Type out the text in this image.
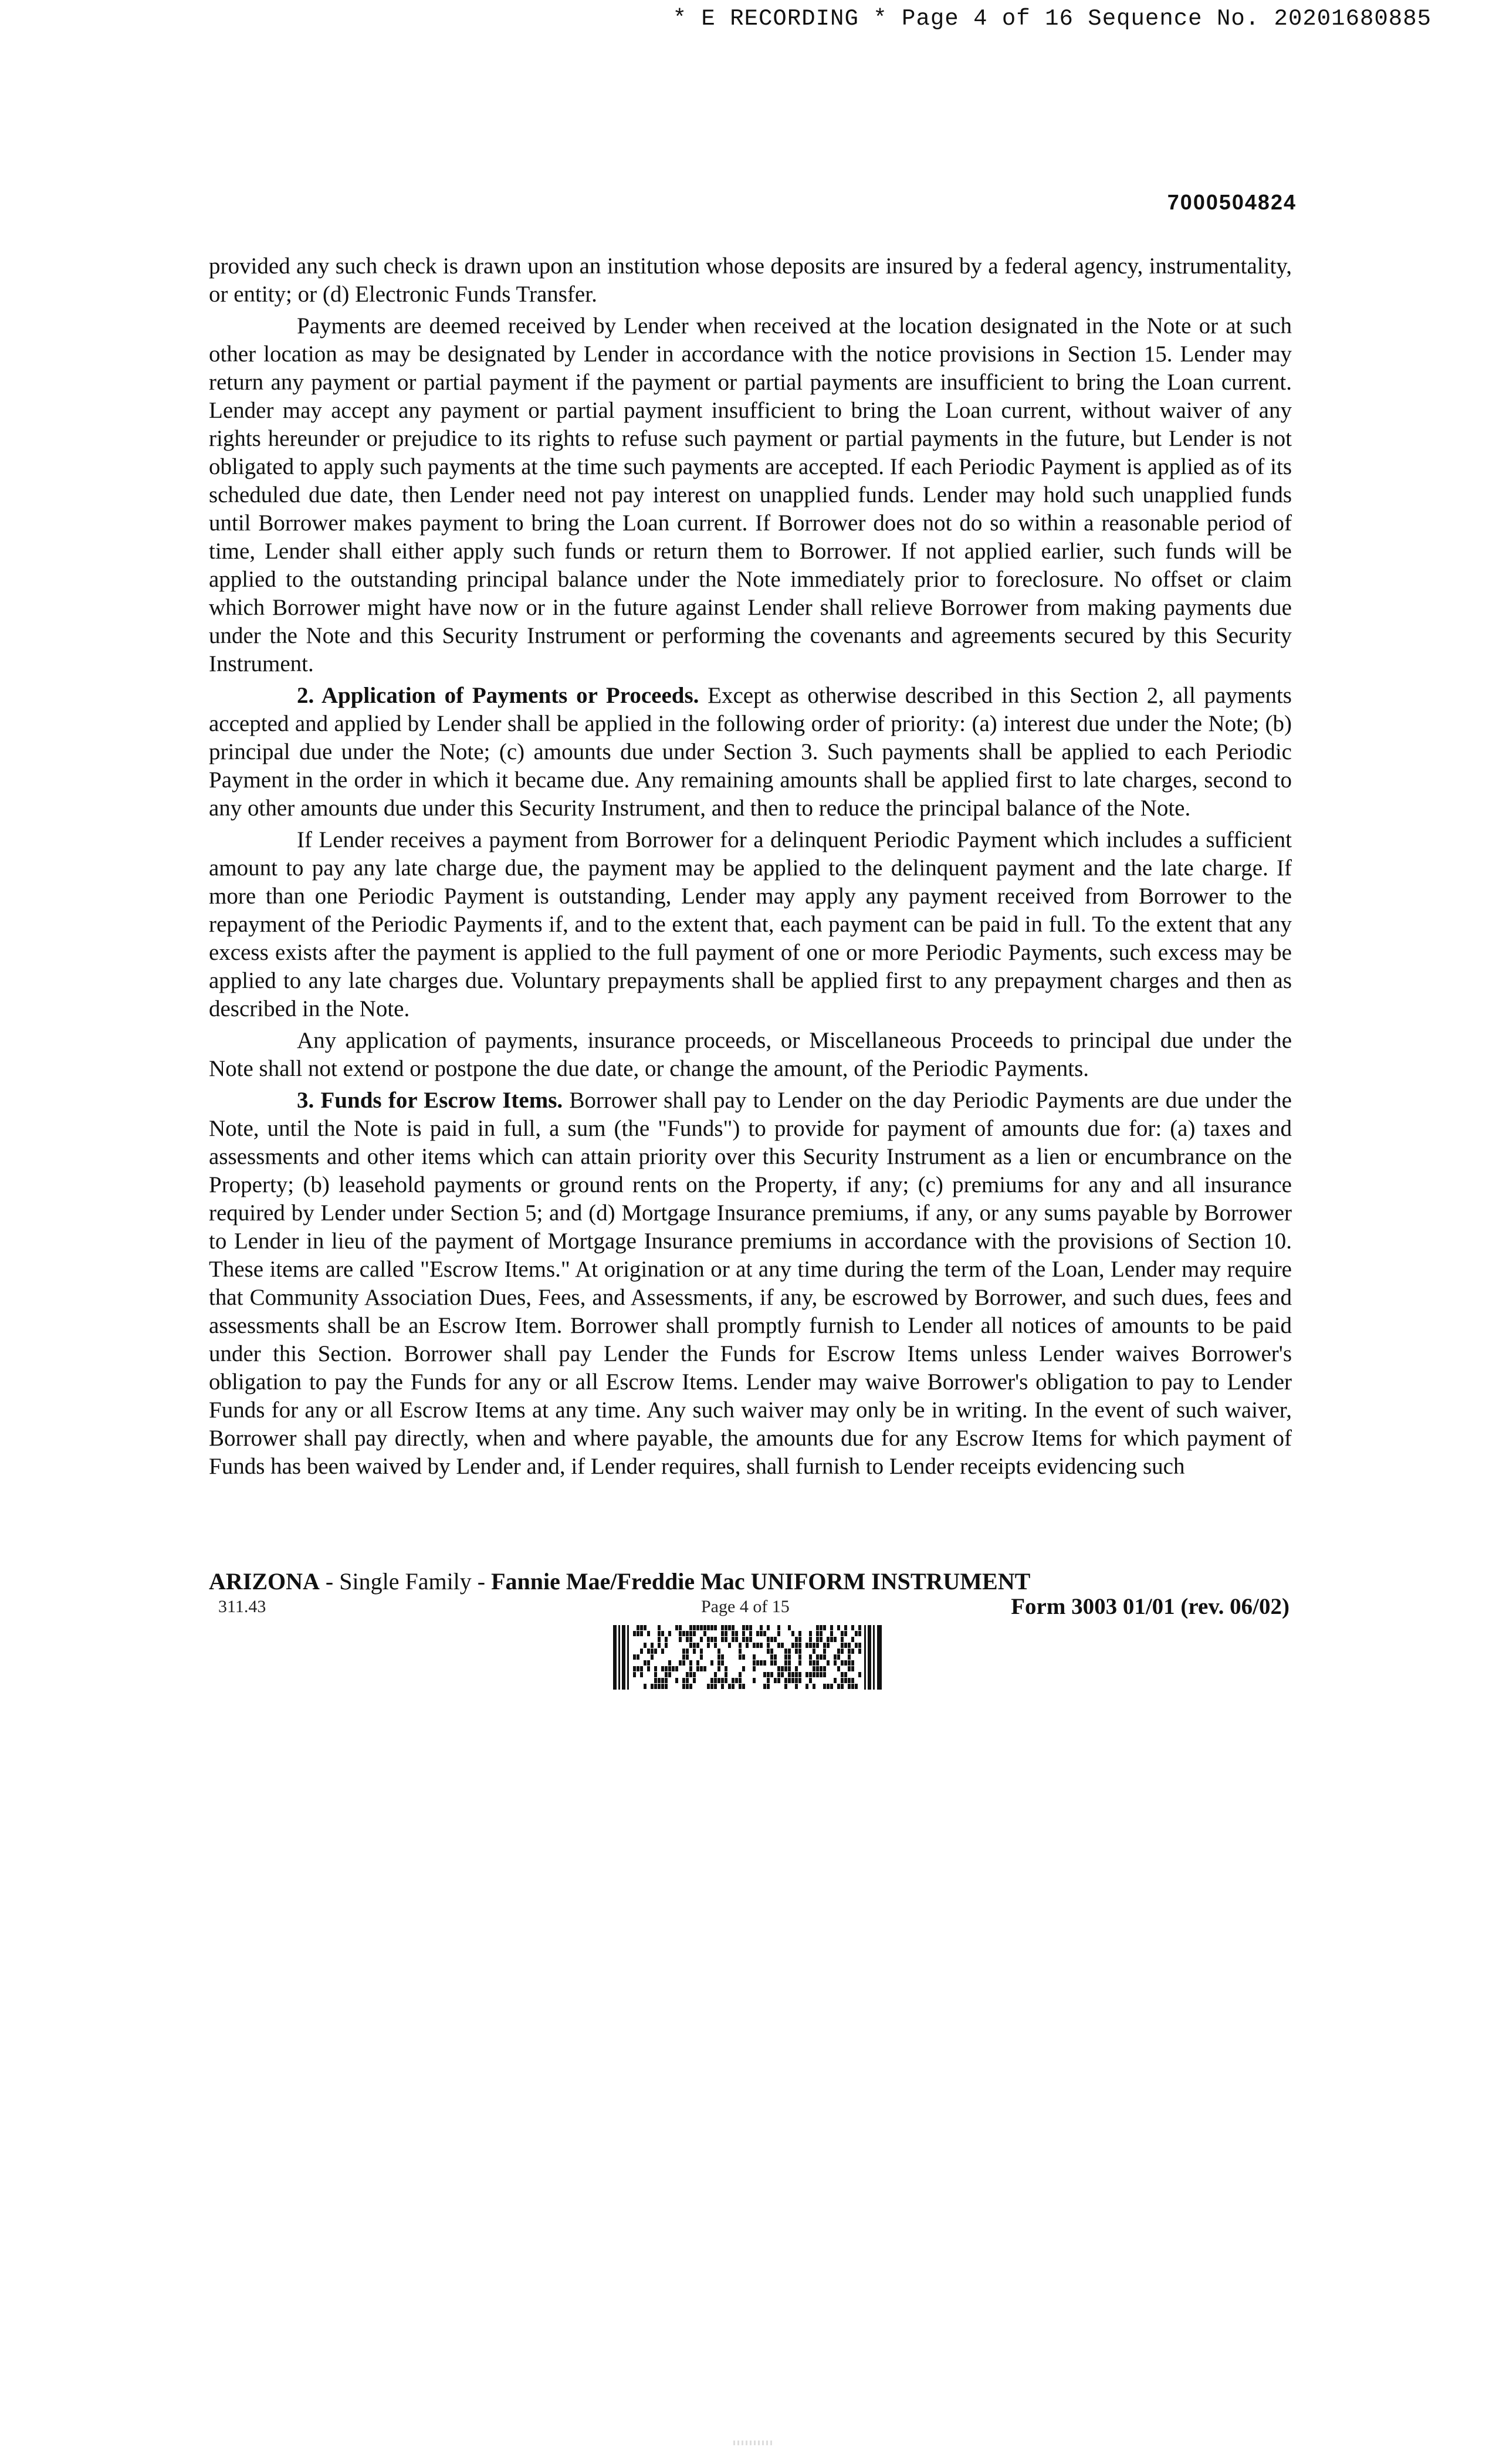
* E RECORDING * Page 4 of 16 Sequence No. 20201680885
7000504824

provided any such check is drawn upon an institution whose deposits are insured by a federal agency, instrumentality, or entity; or (d) Electronic Funds Transfer.

Payments are deemed received by Lender when received at the location designated in the Note or at such other location as may be designated by Lender in accordance with the notice provisions in Section 15. Lender may return any payment or partial payment if the payment or partial payments are insufficient to bring the Loan current. Lender may accept any payment or partial payment insufficient to bring the Loan current, without waiver of any rights hereunder or prejudice to its rights to refuse such payment or partial payments in the future, but Lender is not obligated to apply such payments at the time such payments are accepted. If each Periodic Payment is applied as of its scheduled due date, then Lender need not pay interest on unapplied funds. Lender may hold such unapplied funds until Borrower makes payment to bring the Loan current. If Borrower does not do so within a reasonable period of time, Lender shall either apply such funds or return them to Borrower. If not applied earlier, such funds will be applied to the outstanding principal balance under the Note immediately prior to foreclosure. No offset or claim which Borrower might have now or in the future against Lender shall relieve Borrower from making payments due under the Note and this Security Instrument or performing the covenants and agreements secured by this Security Instrument.

2. Application of Payments or Proceeds. Except as otherwise described in this Section 2, all payments accepted and applied by Lender shall be applied in the following order of priority: (a) interest due under the Note; (b) principal due under the Note; (c) amounts due under Section 3. Such payments shall be applied to each Periodic Payment in the order in which it became due. Any remaining amounts shall be applied first to late charges, second to any other amounts due under this Security Instrument, and then to reduce the principal balance of the Note.

If Lender receives a payment from Borrower for a delinquent Periodic Payment which includes a sufficient amount to pay any late charge due, the payment may be applied to the delinquent payment and the late charge. If more than one Periodic Payment is outstanding, Lender may apply any payment received from Borrower to the repayment of the Periodic Payments if, and to the extent that, each payment can be paid in full. To the extent that any excess exists after the payment is applied to the full payment of one or more Periodic Payments, such excess may be applied to any late charges due. Voluntary prepayments shall be applied first to any prepayment charges and then as described in the Note.

Any application of payments, insurance proceeds, or Miscellaneous Proceeds to principal due under the Note shall not extend or postpone the due date, or change the amount, of the Periodic Payments.

3. Funds for Escrow Items. Borrower shall pay to Lender on the day Periodic Payments are due under the Note, until the Note is paid in full, a sum (the "Funds") to provide for payment of amounts due for: (a) taxes and assessments and other items which can attain priority over this Security Instrument as a lien or encumbrance on the Property; (b) leasehold payments or ground rents on the Property, if any; (c) premiums for any and all insurance required by Lender under Section 5; and (d) Mortgage Insurance premiums, if any, or any sums payable by Borrower to Lender in lieu of the payment of Mortgage Insurance premiums in accordance with the provisions of Section 10. These items are called "Escrow Items." At origination or at any time during the term of the Loan, Lender may require that Community Association Dues, Fees, and Assessments, if any, be escrowed by Borrower, and such dues, fees and assessments shall be an Escrow Item. Borrower shall promptly furnish to Lender all notices of amounts to be paid under this Section. Borrower shall pay Lender the Funds for Escrow Items unless Lender waives Borrower's obligation to pay the Funds for any or all Escrow Items. Lender may waive Borrower's obligation to pay to Lender Funds for any or all Escrow Items at any time. Any such waiver may only be in writing. In the event of such waiver, Borrower shall pay directly, when and where payable, the amounts due for any Escrow Items for which payment of Funds has been waived by Lender and, if Lender requires, shall furnish to Lender receipts evidencing such

ARIZONA - Single Family - Fannie Mae/Freddie Mac UNIFORM INSTRUMENT
311.43	Page 4 of 15	Form 3003 01/01 (rev. 06/02)
